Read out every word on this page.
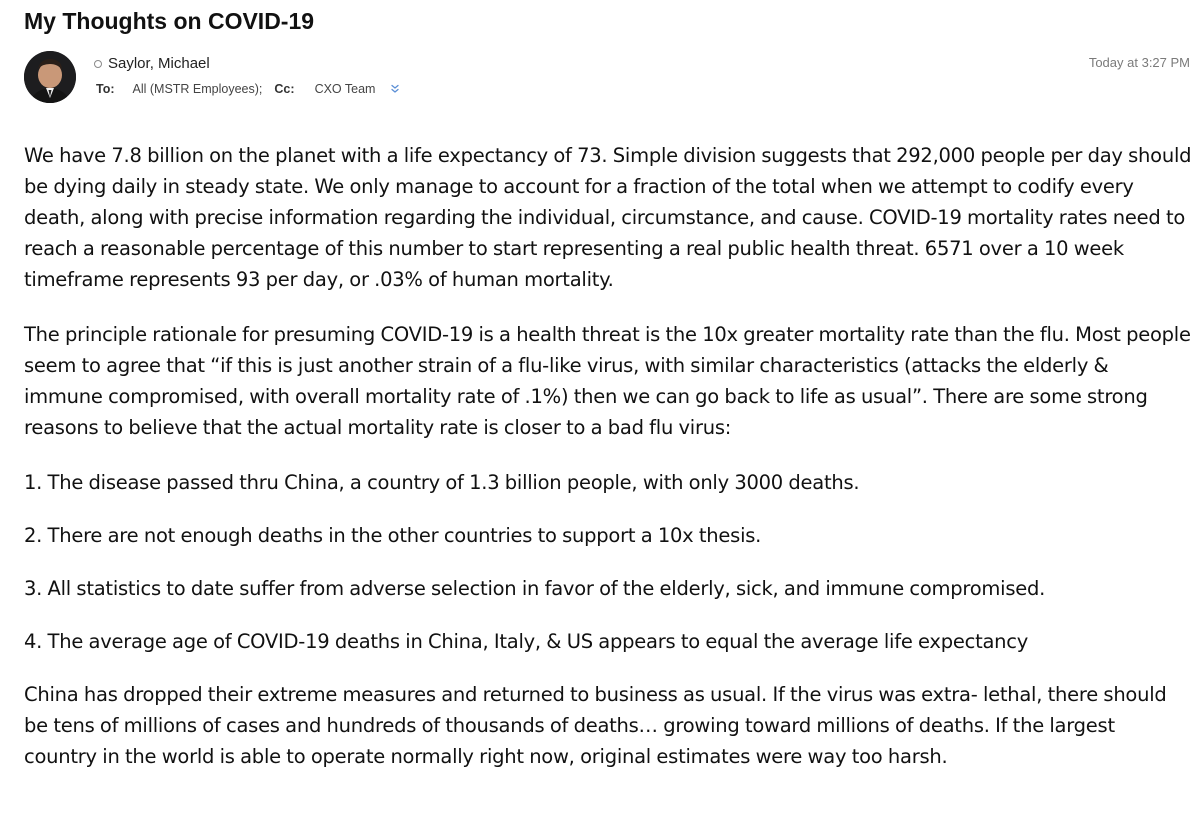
My Thoughts on COVID-19
Saylor, Michael
To: All (MSTR Employees); Cc: CXO Team
Today at 3:27 PM

We have 7.8 billion on the planet with a life expectancy of 73. Simple division suggests that 292,000 people per day should be dying daily in steady state. We only manage to account for a fraction of the total when we attempt to codify every death, along with precise information regarding the individual, circumstance, and cause. COVID-19 mortality rates need to reach a reasonable percentage of this number to start representing a real public health threat. 6571 over a 10 week timeframe represents 93 per day, or .03% of human mortality.

The principle rationale for presuming COVID-19 is a health threat is the 10x greater mortality rate than the flu. Most people seem to agree that “if this is just another strain of a flu-like virus, with similar characteristics (attacks the elderly & immune compromised, with overall mortality rate of .1%) then we can go back to life as usual”. There are some strong reasons to believe that the actual mortality rate is closer to a bad flu virus:

1. The disease passed thru China, a country of 1.3 billion people, with only 3000 deaths.

2. There are not enough deaths in the other countries to support a 10x thesis.

3. All statistics to date suffer from adverse selection in favor of the elderly, sick, and immune compromised.

4. The average age of COVID-19 deaths in China, Italy, & US appears to equal the average life expectancy

China has dropped their extreme measures and returned to business as usual. If the virus was extra- lethal, there should be tens of millions of cases and hundreds of thousands of deaths… growing toward millions of deaths. If the largest country in the world is able to operate normally right now, original estimates were way too harsh.
